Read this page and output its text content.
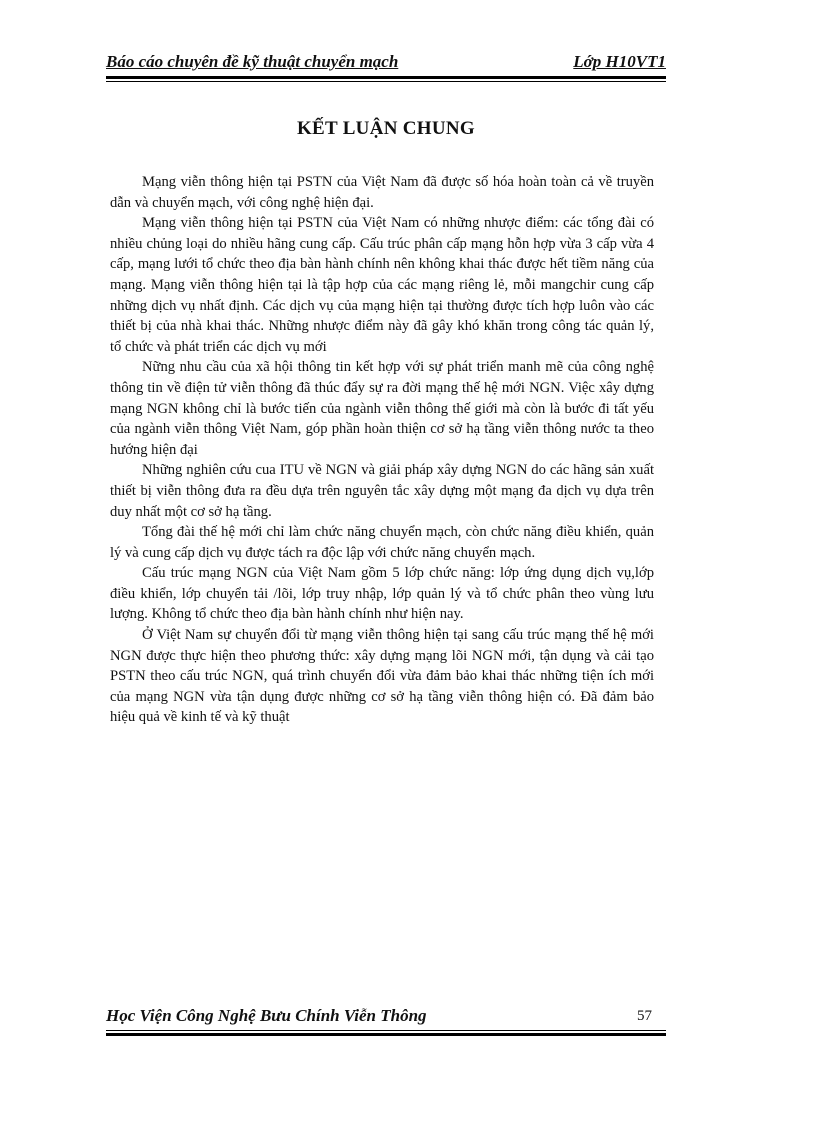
Báo cáo chuyên đề kỹ thuật chuyển mạch	Lớp H10VT1
KẾT LUẬN CHUNG

Mạng viễn thông hiện tại PSTN của Việt Nam đã được số hóa hoàn toàn cả về truyền dẫn và chuyển mạch, với công nghệ hiện đại.

Mạng viễn thông hiện tại PSTN của Việt Nam có những nhược điểm: các tổng đài có nhiều chủng loại do nhiều hãng cung cấp. Cấu trúc phân cấp mạng hỗn hợp vừa 3 cấp vừa 4 cấp, mạng lưới tổ chức theo địa bàn hành chính nên không khai thác được hết tiềm năng của mạng. Mạng viễn thông hiện tại là tập hợp của các mạng riêng lẻ, mỗi mangchir cung cấp những dịch vụ nhất định. Các dịch vụ của mạng hiện tại thường được tích hợp luôn vào các thiết bị của nhà khai thác. Những nhược điểm này đã gây khó khăn trong công tác quản lý, tổ chức và phát triển các dịch vụ mới

Nững nhu cầu của xã hội thông tin kết hợp với sự phát triển manh mẽ của công nghệ thông tin về điện tử viễn thông đã thúc đẩy sự ra đời mạng thế hệ mới NGN. Việc xây dựng mạng NGN không chỉ là bước tiến của ngành viễn thông thế giới mà còn là bước đi tất yếu của ngành viễn thông Việt Nam, góp phần hoàn thiện cơ sở hạ tầng viễn thông nước ta theo hướng hiện đại

Những nghiên cứu cua ITU về NGN và giải pháp xây dựng NGN do các hãng sản xuất thiết bị viễn thông đưa ra đều dựa trên nguyên tắc xây dựng một mạng đa dịch vụ dựa trên duy nhất một cơ sở hạ tầng.

Tổng đài thế hệ mới chỉ làm chức năng chuyển mạch, còn chức năng điều khiển, quản lý và cung cấp dịch vụ được tách ra độc lập với chức năng chuyển mạch.

Cấu trúc mạng NGN của Việt Nam gồm 5 lớp chức năng: lớp ứng dụng dịch vụ,lớp điều khiển, lớp chuyển tải /lõi, lớp truy nhập, lớp quản lý và tổ chức phân theo vùng lưu lượng. Không tổ chức theo địa bàn hành chính như hiện nay.

Ở Việt Nam sự chuyển đổi từ mạng viễn thông hiện tại sang cấu trúc mạng thế hệ mới NGN được thực hiện theo phương thức: xây dựng mạng lõi NGN mới, tận dụng và cải tạo PSTN theo cấu trúc NGN, quá trình chuyển đổi vừa đảm bảo khai thác những tiện ích mới của mạng NGN vừa tận dụng được những cơ sở hạ tầng viễn thông hiện có. Đã đảm bảo hiệu quả về kinh tế và kỹ thuật

Học Viện Công Nghệ Bưu Chính Viễn Thông	57
